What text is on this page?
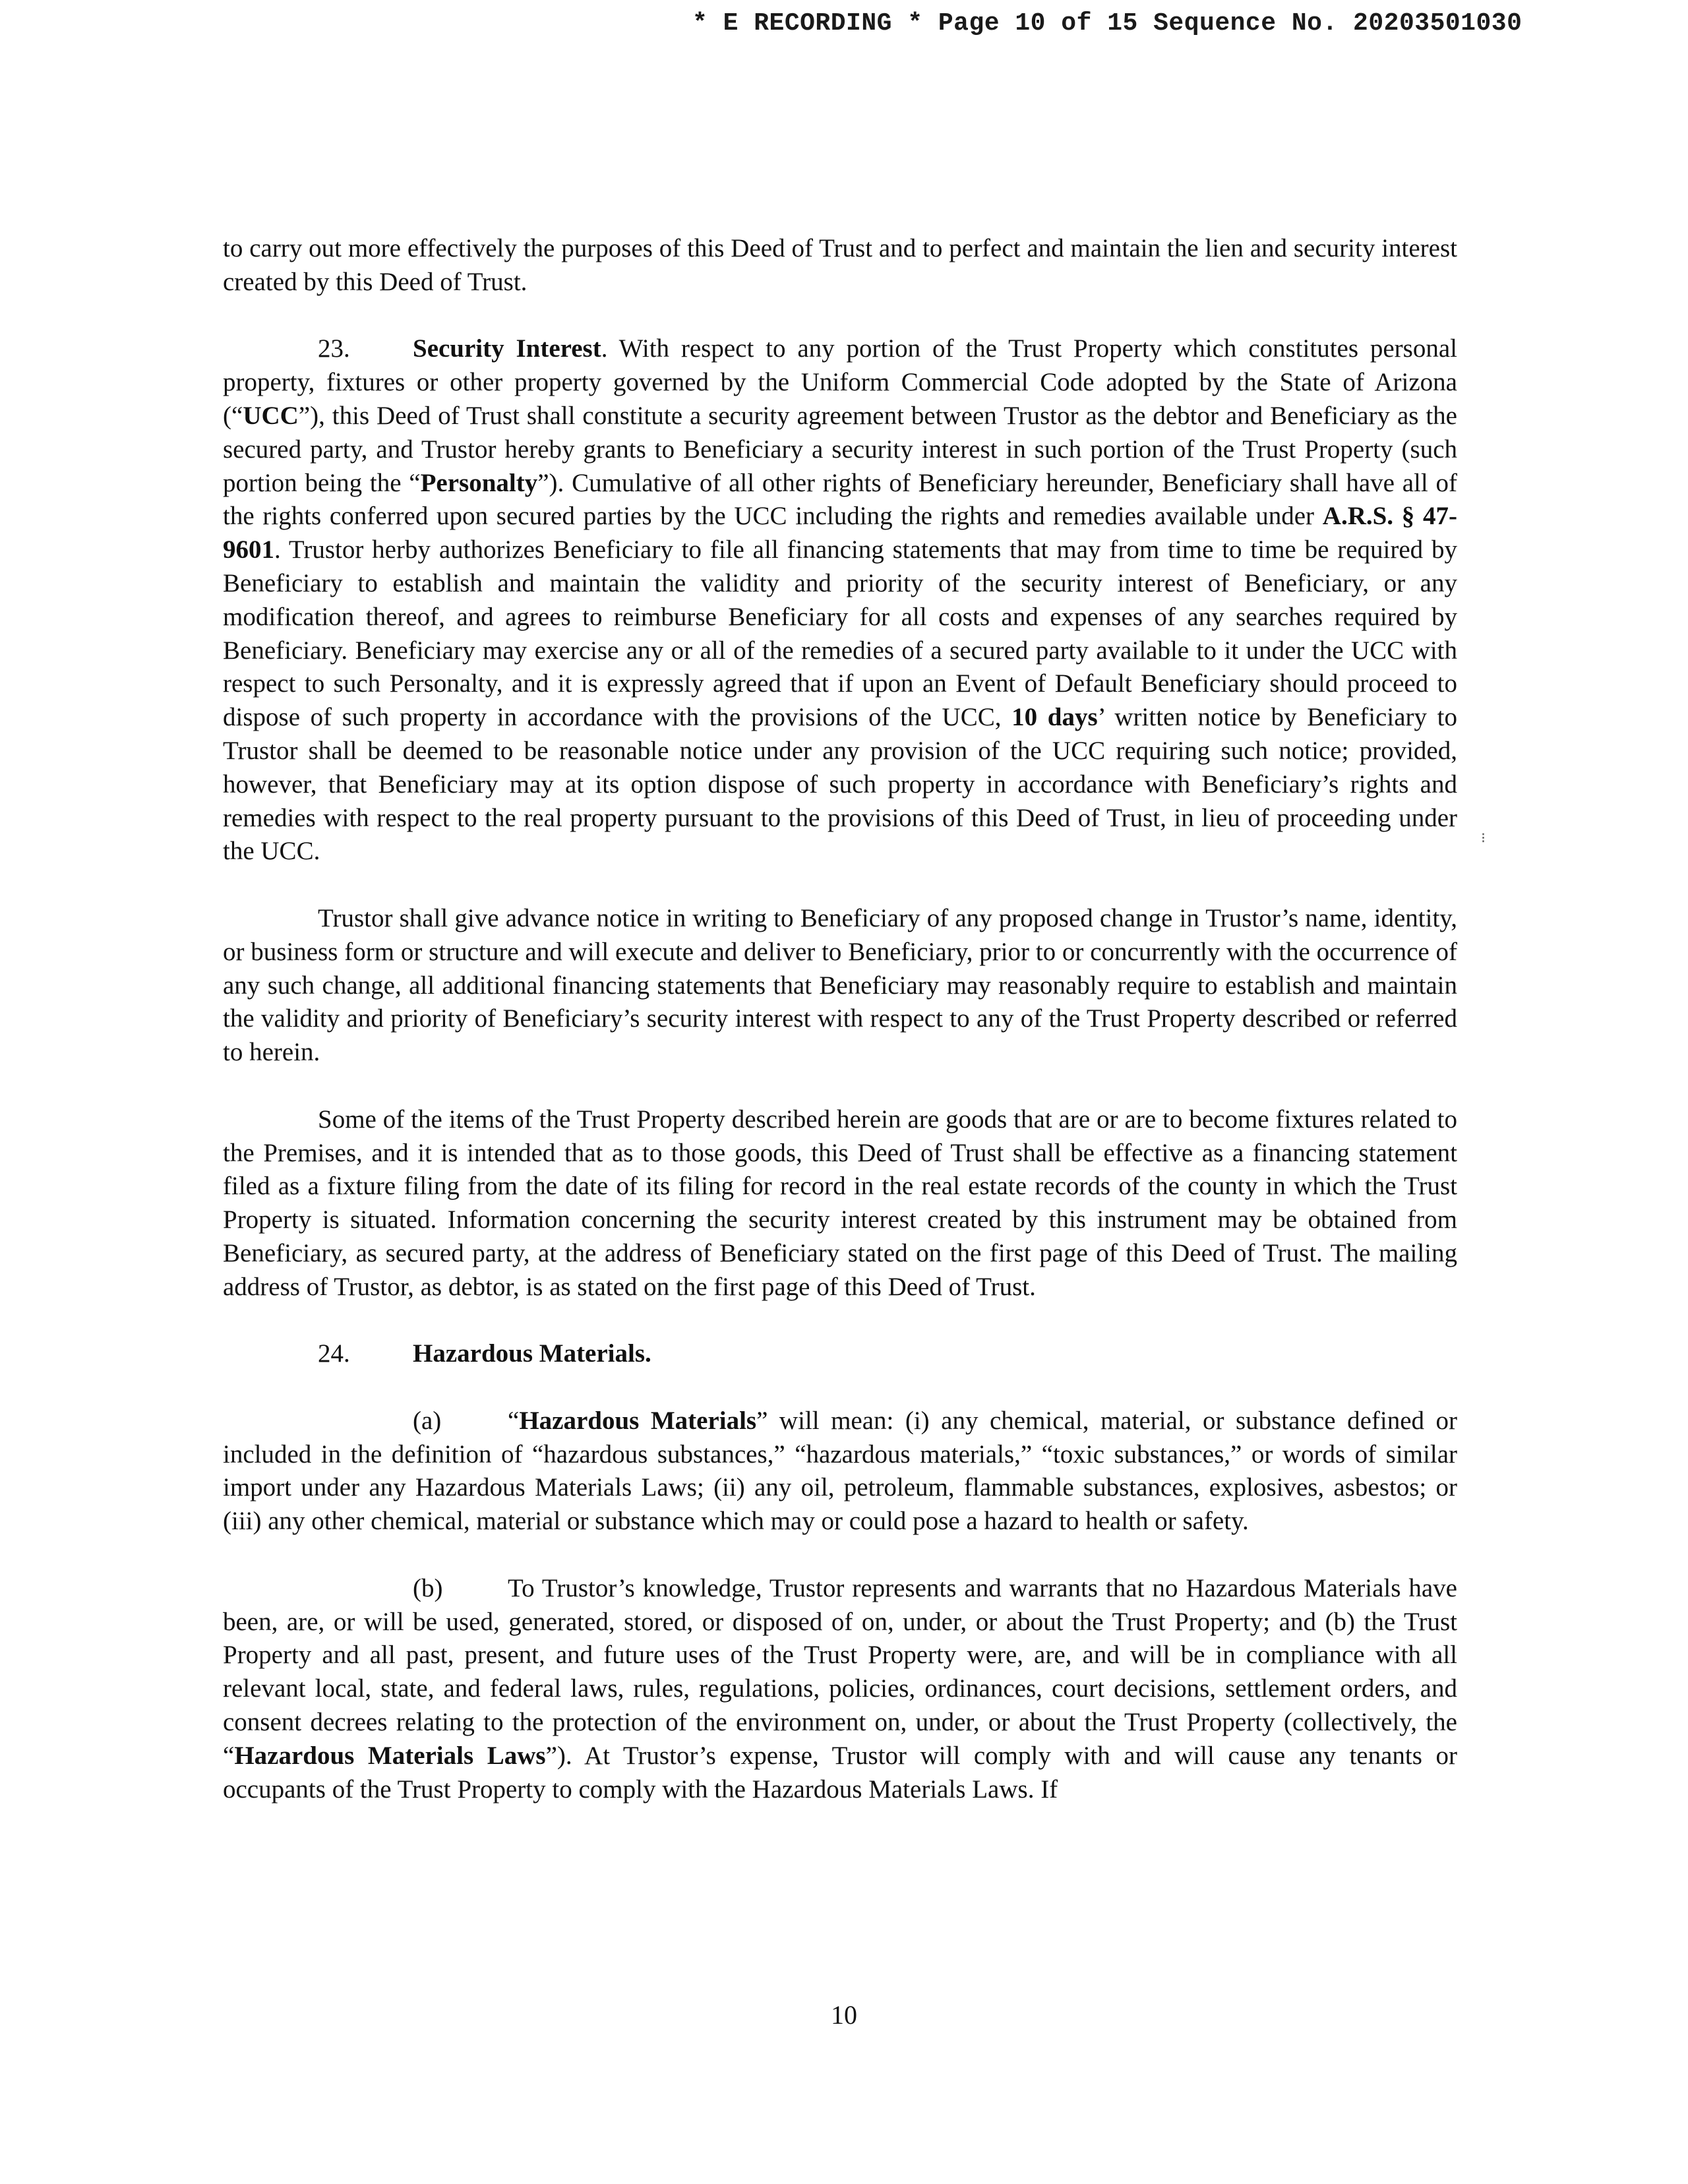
* E RECORDING * Page 10 of 15 Sequence No. 20203501030
⁝

to carry out more effectively the purposes of this Deed of Trust and to perfect and maintain the lien and security interest created by this Deed of Trust.

23. Security Interest. With respect to any portion of the Trust Property which constitutes personal property, fixtures or other property governed by the Uniform Commercial Code adopted by the State of Arizona (“UCC”), this Deed of Trust shall constitute a security agreement between Trustor as the debtor and Beneficiary as the secured party, and Trustor hereby grants to Beneficiary a security interest in such portion of the Trust Property (such portion being the “Personalty”). Cumulative of all other rights of Beneficiary hereunder, Beneficiary shall have all of the rights conferred upon secured parties by the UCC including the rights and remedies available under A.R.S. § 47-9601. Trustor herby authorizes Beneficiary to file all financing statements that may from time to time be required by Beneficiary to establish and maintain the validity and priority of the security interest of Beneficiary, or any modification thereof, and agrees to reimburse Beneficiary for all costs and expenses of any searches required by Beneficiary. Beneficiary may exercise any or all of the remedies of a secured party available to it under the UCC with respect to such Personalty, and it is expressly agreed that if upon an Event of Default Beneficiary should proceed to dispose of such property in accordance with the provisions of the UCC, 10 days’ written notice by Beneficiary to Trustor shall be deemed to be reasonable notice under any provision of the UCC requiring such notice; provided, however, that Beneficiary may at its option dispose of such property in accordance with Beneficiary’s rights and remedies with respect to the real property pursuant to the provisions of this Deed of Trust, in lieu of proceeding under the UCC.

Trustor shall give advance notice in writing to Beneficiary of any proposed change in Trustor’s name, identity, or business form or structure and will execute and deliver to Beneficiary, prior to or concurrently with the occurrence of any such change, all additional financing statements that Beneficiary may reasonably require to establish and maintain the validity and priority of Beneficiary’s security interest with respect to any of the Trust Property described or referred to herein.

Some of the items of the Trust Property described herein are goods that are or are to become fixtures related to the Premises, and it is intended that as to those goods, this Deed of Trust shall be effective as a financing statement filed as a fixture filing from the date of its filing for record in the real estate records of the county in which the Trust Property is situated. Information concerning the security interest created by this instrument may be obtained from Beneficiary, as secured party, at the address of Beneficiary stated on the first page of this Deed of Trust. The mailing address of Trustor, as debtor, is as stated on the first page of this Deed of Trust.

24. Hazardous Materials.

(a)	“Hazardous Materials” will mean: (i) any chemical, material, or substance defined or included in the definition of “hazardous substances,” “hazardous materials,” “toxic substances,” or words of similar import under any Hazardous Materials Laws; (ii) any oil, petroleum, flammable substances, explosives, asbestos; or (iii) any other chemical, material or substance which may or could pose a hazard to health or safety.

(b)	To Trustor’s knowledge, Trustor represents and warrants that no Hazardous Materials have been, are, or will be used, generated, stored, or disposed of on, under, or about the Trust Property; and (b) the Trust Property and all past, present, and future uses of the Trust Property were, are, and will be in compliance with all relevant local, state, and federal laws, rules, regulations, policies, ordinances, court decisions, settlement orders, and consent decrees relating to the protection of the environment on, under, or about the Trust Property (collectively, the “Hazardous Materials Laws”). At Trustor’s expense, Trustor will comply with and will cause any tenants or occupants of the Trust Property to comply with the Hazardous Materials Laws. If

10
